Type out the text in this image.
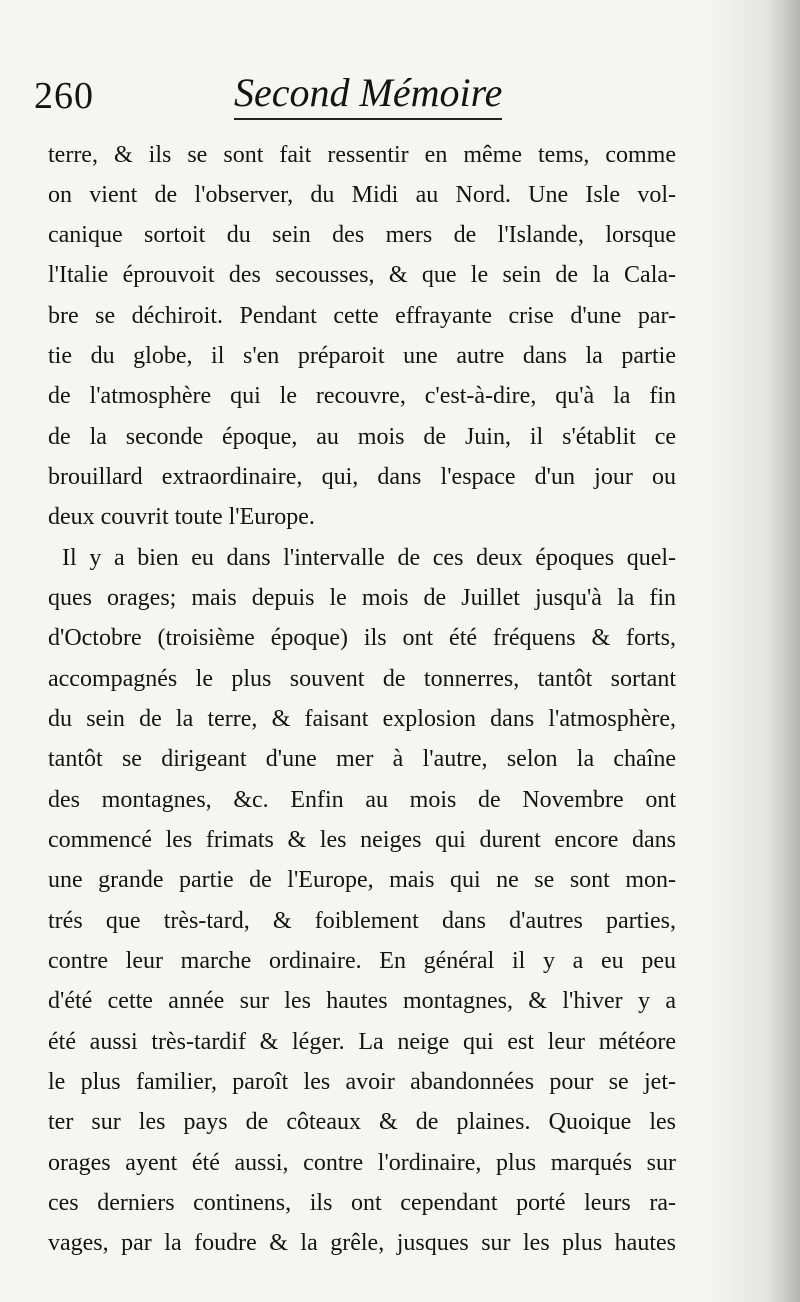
260	Second Mémoire
terre, & ils se sont fait ressentir en même tems, comme
on vient de l'observer, du Midi au Nord. Une Isle vol-
canique sortoit du sein des mers de l'Islande, lorsque
l'Italie éprouvoit des secousses, & que le sein de la Cala-
bre se déchiroit. Pendant cette effrayante crise d'une par-
tie du globe, il s'en préparoit une autre dans la partie
de l'atmosphère qui le recouvre, c'est-à-dire, qu'à la fin
de la seconde époque, au mois de Juin, il s'établit ce
brouillard extraordinaire, qui, dans l'espace d'un jour ou
deux couvrit toute l'Europe.
Il y a bien eu dans l'intervalle de ces deux époques quel-
ques orages; mais depuis le mois de Juillet jusqu'à la fin
d'Octobre (troisième époque) ils ont été fréquens & forts,
accompagnés le plus souvent de tonnerres, tantôt sortant
du sein de la terre, & faisant explosion dans l'atmosphère,
tantôt se dirigeant d'une mer à l'autre, selon la chaîne
des montagnes, &c. Enfin au mois de Novembre ont
commencé les frimats & les neiges qui durent encore dans
une grande partie de l'Europe, mais qui ne se sont mon-
trés que très-tard, & foiblement dans d'autres parties,
contre leur marche ordinaire. En général il y a eu peu
d'été cette année sur les hautes montagnes, & l'hiver y a
été aussi très-tardif & léger. La neige qui est leur météore
le plus familier, paroît les avoir abandonnées pour se jet-
ter sur les pays de côteaux & de plaines. Quoique les
orages ayent été aussi, contre l'ordinaire, plus marqués sur
ces derniers continens, ils ont cependant porté leurs ra-
vages, par la foudre & la grêle, jusques sur les plus hautes
